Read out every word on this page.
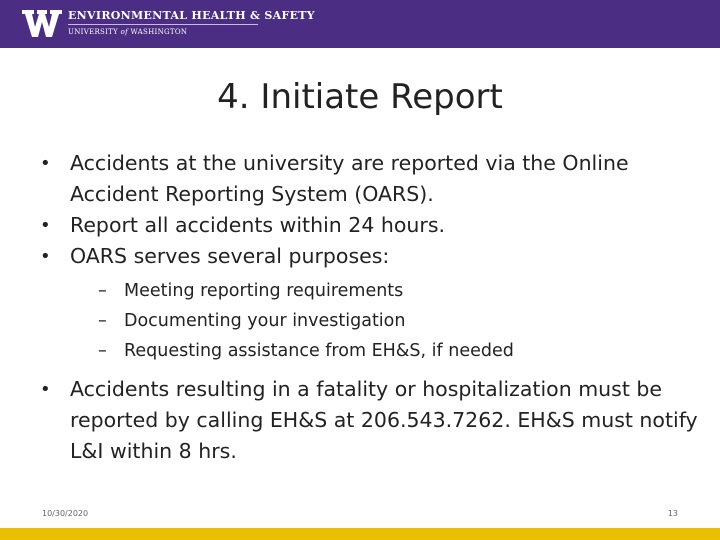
ENVIRONMENTAL HEALTH & SAFETY
UNIVERSITY of WASHINGTON
4. Initiate Report
• Accidents at the university are reported via the Online Accident Reporting System (OARS).
• Report all accidents within 24 hours.
• OARS serves several purposes:
– Meeting reporting requirements
– Documenting your investigation
– Requesting assistance from EH&S, if needed
• Accidents resulting in a fatality or hospitalization must be reported by calling EH&S at 206.543.7262. EH&S must notify L&I within 8 hrs.
10/30/2020	13
